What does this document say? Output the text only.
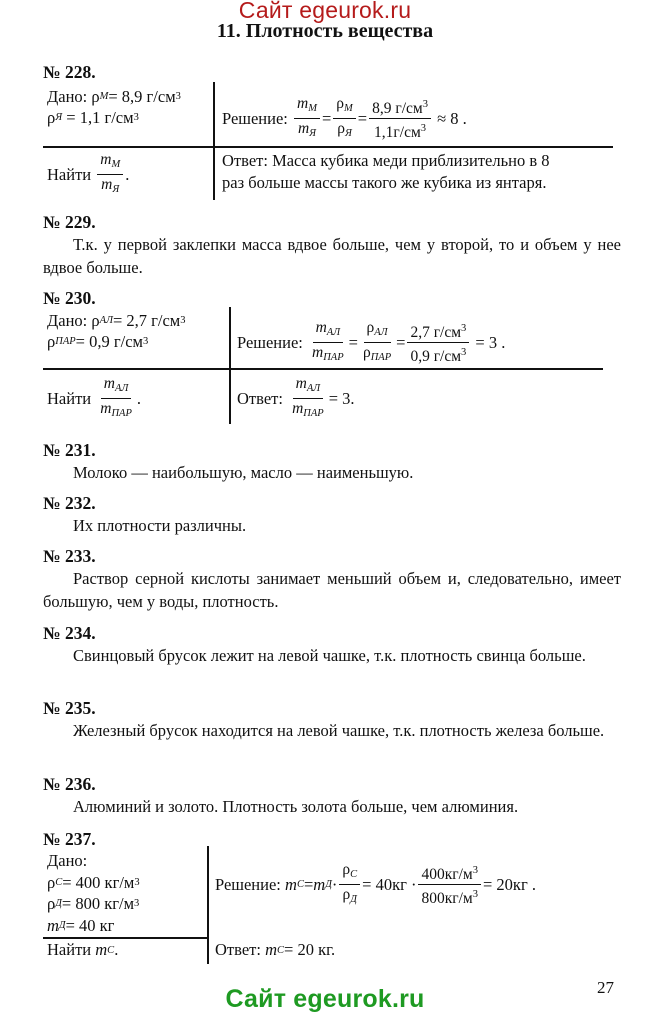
Сайт egeurok.ru
11. Плотность вещества
№ 228.
Дано:
ρ M = 8,9 г/см 3
ρ Я
= 1,1 г/см 3
Найти
$\frac{m_M}{m_Я}$ .
Решение:
$\frac{m_M}{m_Я} = \frac{\rho_M}{\rho_Я} = \frac{8,9 г/см^3}{1,1г/см^3}$
≈ 8 .
Ответ: Масса кубика меди приблизительно в 8
раз больше массы такого же кубика из янтаря.
№ 229.
Т.к. у первой заклепки масса вдвое больше, чем у второй, то и объем у нее вдвое больше.
№ 230.
Дано:
ρ АЛ = 2,7 г/см 3
ρ ПАР = 0,9 г/см 3
Найти
$\frac{m_{АЛ}}{m_{ПАР}}$ .
Решение:
$\frac{m_{АЛ}}{m_{ПАР}} = \frac{\rho_{АЛ}}{\rho_{ПАР}} = \frac{2,7 г/см^3}{0,9 г/см^3}$
= 3 .
Ответ:
$\frac{m_{АЛ}}{m_{ПАР}} = 3$.
№ 231.
Молоко — наибольшую, масло — наименьшую.
№ 232.
Их плотности различны.
№ 233.
Раствор серной кислоты занимает меньший объем и, следовательно, имеет большую, чем у воды, плотность.
№ 234.
Свинцовый брусок лежит на левой чашке, т.к. плотность свинца больше.
№ 235.
Железный брусок находится на левой чашке, т.к. плотность железа больше.
№ 236.
Алюминий и золото. Плотность золота больше, чем алюминия.
№ 237.
Дано:
ρ C = 400 кг/м 3
ρ Д = 800 кг/м 3
m Д = 40 кг
Найти
m C .
Решение:
m C = m $Д \cdot \frac{\rho_C}{\rho_Д} = 40кг \cdot \frac{400кг/м^3}{800кг/м^3} = 20кг$ .
Ответ:
m C = 20 кг.
27
Сайт egeurok.ru
